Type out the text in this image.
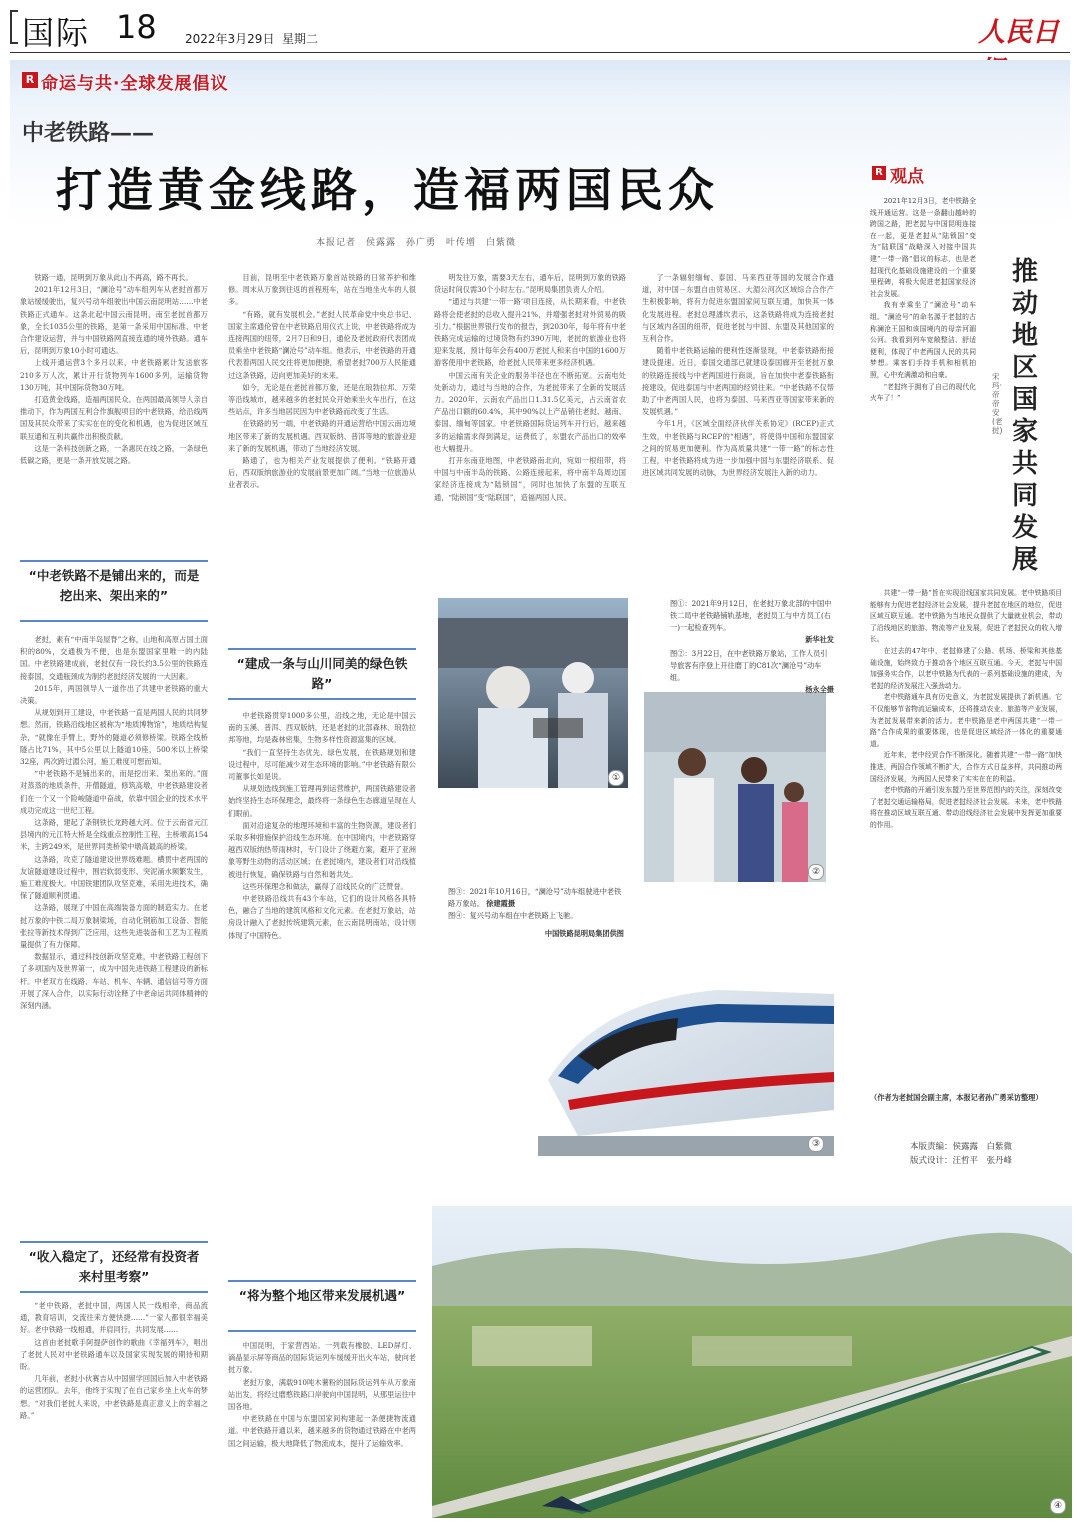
国际 18 2022年3月29日 星期二	人民日
R 命运与共·全球发展倡议
中老铁路——
打造黄金线路，造福两国民众
本报记者　侯露露　孙广勇　叶传增　白紫微

铁路一通，昆明到万象从此山不再高，路不再长。

2021年12月3日，“澜沧号”动车组列车从老挝首都万象站缓缓驶出，复兴号动车组驶出中国云南昆明站……中老铁路正式通车。这条北起中国云南昆明，南至老挝首都万象，全长1035公里的铁路，是第一条采用中国标准、中老合作建设运营，并与中国铁路网直接连通的境外铁路。通车后，昆明到万象10小时可通达。

上线开通运营3个多月以来，中老铁路累计发送旅客210多万人次，累计开行货物列车1600多列，运输货物130万吨，其中国际货物30万吨。

打造黄金线路，造福两国民众。在两国最高领导人亲自推动下，作为两国互利合作旗舰项目的中老铁路，给沿线两国及其民众带来了实实在在的变化和机遇，也为促进区域互联互通和互利共赢作出积极贡献。

这是一条科技创新之路，一条惠民在线之路，一条绿色低碳之路，更是一条开放发展之路。

“中老铁路不是铺出来的，而是挖出来、架出来的”

老挝，素有“中南半岛屋脊”之称，山地和高原占国土面积的80%，交通极为不便，也是东盟国家里唯一的内陆国。中老铁路建成前，老挝仅有一段长约3.5公里的铁路连接泰国，交通瓶颈成为制约老挝经济发展的一大因素。

2015年，两国领导人一道作出了共建中老铁路的重大决策。

从规划到开工建设，中老铁路一直是两国人民的共同梦想。然而，铁路沿线地区被称为“地质博物馆”，地质结构复杂，“就像在手臂上，野外的隧道必须修桥梁。铁路全线桥隧占比71%，其中5公里以上隧道10座，500米以上桥梁32座，两次跨过湄公河，施工难度可想而知。

“中老铁路不是铺出来的，而是挖出来、架出来的。”面对蒸蒸的地质条件，开僧隧道，修筑高墩，中老铁路建设者们在一个又一个险峻隧道中奋战，依靠中国企业的技术水平成功完成这一世纪工程。

这条路，建起了条钢铁长龙跨越大河。位于云南省元江县境内的元江特大桥是全线重点控制性工程，主桥墩高154米，主跨249米，是世界同类桥梁中墩高最高的桥梁。

这条路，攻克了隧道建设世界级难题。横贯中老两国的友谊隧道建设过程中，围岩软弱变形、突泥涌水频繁发生，施工难度极大。中国铁建团队攻坚克难，采用先进技术，确保了隧道顺利贯通。

这条路，展现了中国在高端装备方面的制造实力。在老挝万象的中铁二局万象制梁场，自动化钢筋加工设备、智能张拉等新技术得到广泛应用，这些先进装备和工艺为工程质量提供了有力保障。

数据显示，通过科技创新攻坚克难，中老铁路工程创下了多项国内及世界第一，成为中国先进铁路工程建设的新标杆。中老双方在线路、车站、机车、车辆、通信信号等方面开展了深入合作，以实际行动诠释了中老命运共同体精神的深刻内涵。

“收入稳定了，还经常有投资者来村里考察”

“老中铁路，老挝中国，两国人民一线相牵，商品流通，教育培训，交流往来方便快捷……”一家人都很幸福美好。老中铁路一线相通，并肩同行，共同发展……

这首由老挝歌手阿提萨创作的歌曲《幸福列车》，唱出了老挝人民对中老铁路通车以及国家实现发展的期待和期盼。

几年前，老挝小伙赛吉从中国留学回国后加入中老铁路的运营团队。去年，他终于实现了在自己家乡坐上火车的梦想。“对我们老挝人来说，中老铁路是真正意义上的幸福之路。”

目前，昆明至中老铁路万象首站铁路的日常养护和维修。周末从万象到往返的首程班车，站在当地坐火车的人很多。

“有路，就有发展机会。”老挝人民革命党中央总书记、国家主席通伦曾在中老铁路启用仪式上说，中老铁路将成为连接两国的纽带，2月7日和9日，通伦及老挝政府代表团成员乘坐中老铁路“澜沧号”动车组。他表示，中老铁路的开通代表着两国人民交往将更加便捷，希望老挝700万人民能通过这条铁路，迈向更加美好的未来。

如今，无论是在老挝首都万象，还是在琅勃拉邦、万荣等沿线城市，越来越多的老挝民众开始乘坐火车出行，在这些站点，许多当地居民因为中老铁路而改变了生活。

在铁路的另一端，中老铁路的开通运营给中国云南边境地区带来了新的发展机遇。西双版纳、普洱等地的旅游业迎来了新的发展机遇，带动了当地经济发展。

路通了，也为相关产业发展提供了便利。“铁路开通后，西双版纳旅游业的发展前景更加广阔。”当地一位旅游从业者表示。

“建成一条与山川同美的绿色铁路”

中老铁路贯穿1000多公里，沿线之地，无论是中国云南的玉溪、普洱、西双版纳，还是老挝的北部森林、琅勃拉邦等地，均是森林密集，生物多样性资源富集的区域。

“我们一直坚持生态优先、绿色发展，在铁路规划和建设过程中，尽可能减少对生态环境的影响。”中老铁路有限公司董事长如是说。

从规划选线到施工管理再到运营维护，两国铁路建设者始终坚持生态环保理念，最终将一条绿色生态廊道呈现在人们眼前。

面对沿途复杂的地理环境和丰富的生物资源，建设者们采取多种措施保护沿线生态环境。在中国境内，中老铁路穿越西双版纳热带雨林时，专门设计了绕避方案，避开了亚洲象等野生动物的活动区域；在老挝境内，建设者们对沿线植被进行恢复，确保铁路与自然和谐共处。

这些环保理念和做法，赢得了沿线民众的广泛赞誉。

中老铁路沿线共有43个车站，它们的设计风格各具特色，融合了当地的建筑风格和文化元素。在老挝万象站，站房设计融入了老挝传统建筑元素，在云南昆明南站，设计则体现了中国特色。

“将为整个地区带来发展机遇”

中国昆明，于家营西站。一列载有橡胶、LED屏灯、滴晶显示屏等商品的国际货运列车缓缓开出火车站，驶向老挝万象。

老挝万象，满载910吨木薯粉的国际货运列车从万象南站出发，将经过磨憨铁路口岸驶向中国昆明，从那里运往中国各地。

中老铁路在中国与东盟国家间构建起一条便捷物流通道。中老铁路开通以来，越来越多的货物通过铁路在中老两国之间运输，极大地降低了物流成本，提升了运输效率。

明发往万象，需要3天左右，通车后，昆明到万象的铁路货运时间仅需30个小时左右。”昆明局集团负责人介绍。

“通过与共建‘一带一路’项目连接，从长期来看，中老铁路将会使老挝的总收入提升21%，并增强老挝对外贸易的吸引力。”根据世界银行发布的报告，到2030年，每年将有中老铁路完成运输的过境货物有约390万吨，老挝的旅游业也将迎来发展，预计每年会有400万老挝人和来自中国的1600万游客使用中老铁路，给老挝人民带来更多经济机遇。

中国云南有关企业的服务半径也在不断拓宽。云南电处处新动力，通过与当地的合作，为老挝带来了全新的发展活力。2020年，云南农产品出口1.31.5亿美元，占云南省农产品出口额的60.4%，其中90%以上产品销往老挝、越南、泰国、缅甸等国家。中老铁路国际货运列车开行后，越来越多的运输需求得到满足，运费低了，东盟农产品出口的效率也大幅提升。

打开东南亚地图，中老铁路南北向，宛如一根纽带，将中国与中南半岛的铁路、公路连接起来，将中南半岛周边国家经济连接成为“陆锁国”，同时也加快了东盟的互联互通，“陆锁国”变“陆联国”，造福两国人民。

了一条辐射缅甸、泰国、马来西亚等国的发展合作通道，对中国－东盟自由贸易区、大湄公河次区域综合合作产生积极影响，将有力促进东盟国家间互联互通，加快其一体化发展进程。老挝总理潘坎表示，这条铁路将成为连接老挝与区域内各国的纽带，促进老挝与中国、东盟及其他国家的互利合作。

随着中老铁路运输的便利性逐渐显现，中老泰铁路衔接建设提速。近日，泰国交通部已就建设泰国廊开至老挝万象的铁路连接线与中老两国进行商谈，旨在加快中老泰铁路衔接建设，促进泰国与中老两国的经贸往来。“中老铁路不仅帮助了中老两国人民，也将为泰国、马来西亚等国家带来新的发展机遇。”

今年1月，《区域全面经济伙伴关系协定》(RCEP)正式生效，中老铁路与RCEP的“相遇”，将使得中国和东盟国家之间的贸易更加便利。作为高质量共建“一带一路”的标志性工程，中老铁路将成为进一步加强中国与东盟经济联系、促进区域共同发展的动脉，为世界经济发展注入新的动力。

①
②
图①：2021年9月12日，在老挝万象北部的中国中铁二局中老铁路铺轨基地，老挝员工与中方员工(右一)一起检查列车。
新华社发
图②：3月22日，在中老铁路万象站，工作人员引导旅客有序登上开往磨丁的C81次“澜沧号”动车组。
杨永全摄
图③：2021年10月16日，“澜沧号”动车组驶进中老铁路万象站。 徐建霞摄
图④：复兴号动车组在中老铁路上飞驰。
中国铁路昆明局集团供图
③
④
R 观点
推动地区国家共同发展
宋玛·帝帝安(老挝)

2021年12月3日，老中铁路全线开通运营。这是一条翻山越岭的跨国之路，把老挝与中国昆明连接在一起，更是老挝从“陆锁国”变为“陆联国”战略深入对接中国共建“一带一路”倡议的标志，也是老挝现代化基础设施建设的一个重要里程碑，将极大促进老挝国家经济社会发展。

我有幸乘坐了“澜沧号”动车组。“澜沧号”的命名源于老挝的古称澜沧王国和该国境内的母亲河湄公河。我看到列车宽敞整洁、舒适便利，体现了中老两国人民的共同梦想。乘客们手持手机和相机拍照，心中充满激动和自豪。

“老挝终于拥有了自己的现代化火车了！”

共建“一带一路”旨在实现沿线国家共同发展。老中铁路项目能够有力促进老挝经济社会发展，提升老挝在地区的地位，促进区域互联互通。老中铁路为当地民众提供了大量就业机会，带动了沿线地区的旅游、物流等产业发展，促进了老挝民众的收入增长。

在过去的47年中，老挝修建了公路、机场、桥梁和其他基础设施，始终致力于推动各个地区互联互通。今天，老挝与中国加强务实合作，以老中铁路为代表的一系列基础设施的建成，为老挝的经济发展注入强劲动力。

老中铁路通车具有历史意义，为老挝发展提供了新机遇。它不仅能够节省物流运输成本，还将推动农业、旅游等产业发展，为老挝发展带来新的活力。老中铁路是老中两国共建“一带一路”合作成果的重要体现，也是促进区域经济一体化的重要通道。

近年来，老中经贸合作不断深化。随着共建“一带一路”加快推进，两国合作领域不断扩大，合作方式日益多样，共同推动两国经济发展，为两国人民带来了实实在在的利益。

老中铁路的开通引发东盟乃至世界范围内的关注，深刻改变了老挝交通运输格局，促进老挝经济社会发展。未来，老中铁路将在推动区域互联互通、带动沿线经济社会发展中发挥更加重要的作用。

（作者为老挝国会副主席，本报记者孙广勇采访整理）
本版责编：侯露露　白紫微
版式设计：汪哲平　张丹峰
